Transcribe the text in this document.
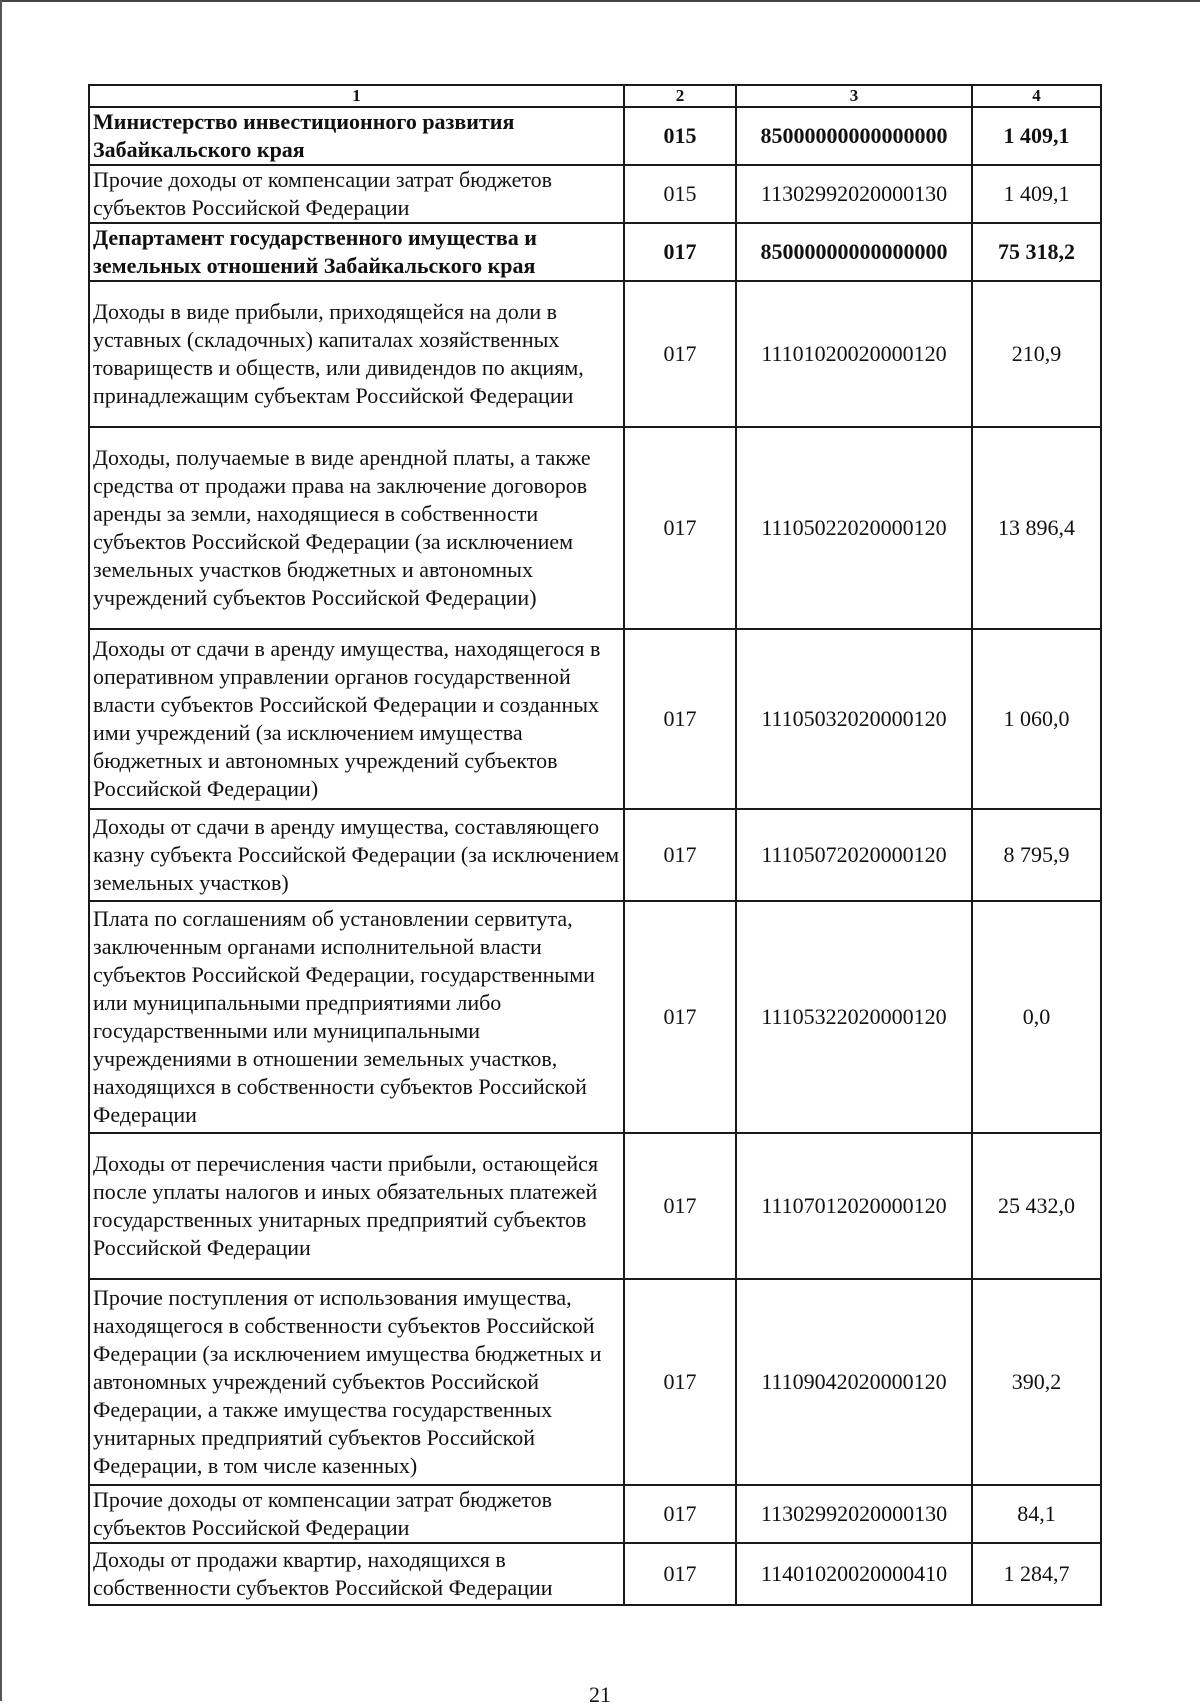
1	2	3	4
Министерство инвестиционного развития Забайкальского края	015	85000000000000000	1 409,1
Прочие доходы от компенсации затрат бюджетов субъектов Российской Федерации	015	11302992020000130	1 409,1
Департамент государственного имущества и земельных отношений Забайкальского края	017	85000000000000000	75 318,2
Доходы в виде прибыли, приходящейся на доли в уставных (складочных) капиталах хозяйственных товариществ и обществ, или дивидендов по акциям, принадлежащим субъектам Российской Федерации	017	11101020020000120	210,9
Доходы, получаемые в виде арендной платы, а также средства от продажи права на заключение договоров аренды за земли, находящиеся в собственности субъектов Российской Федерации (за исключением земельных участков бюджетных и автономных учреждений субъектов Российской Федерации)	017	11105022020000120	13 896,4
Доходы от сдачи в аренду имущества, находящегося в оперативном управлении органов государственной власти субъектов Российской Федерации и созданных ими учреждений (за исключением имущества бюджетных и автономных учреждений субъектов Российской Федерации)	017	11105032020000120	1 060,0
Доходы от сдачи в аренду имущества, составляющего казну субъекта Российской Федерации (за исключением земельных участков)	017	11105072020000120	8 795,9
Плата по соглашениям об установлении сервитута, заключенным органами исполнительной власти субъектов Российской Федерации, государственными или муниципальными предприятиями либо государственными или муниципальными учреждениями в отношении земельных участков, находящихся в собственности субъектов Российской Федерации	017	11105322020000120	0,0
Доходы от перечисления части прибыли, остающейся после уплаты налогов и иных обязательных платежей государственных унитарных предприятий субъектов Российской Федерации	017	11107012020000120	25 432,0
Прочие поступления от использования имущества, находящегося в собственности субъектов Российской Федерации (за исключением имущества бюджетных и автономных учреждений субъектов Российской Федерации, а также имущества государственных унитарных предприятий субъектов Российской Федерации, в том числе казенных)	017	11109042020000120	390,2
Прочие доходы от компенсации затрат бюджетов субъектов Российской Федерации	017	11302992020000130	84,1
Доходы от продажи квартир, находящихся в собственности субъектов Российской Федерации	017	11401020020000410	1 284,7
21
